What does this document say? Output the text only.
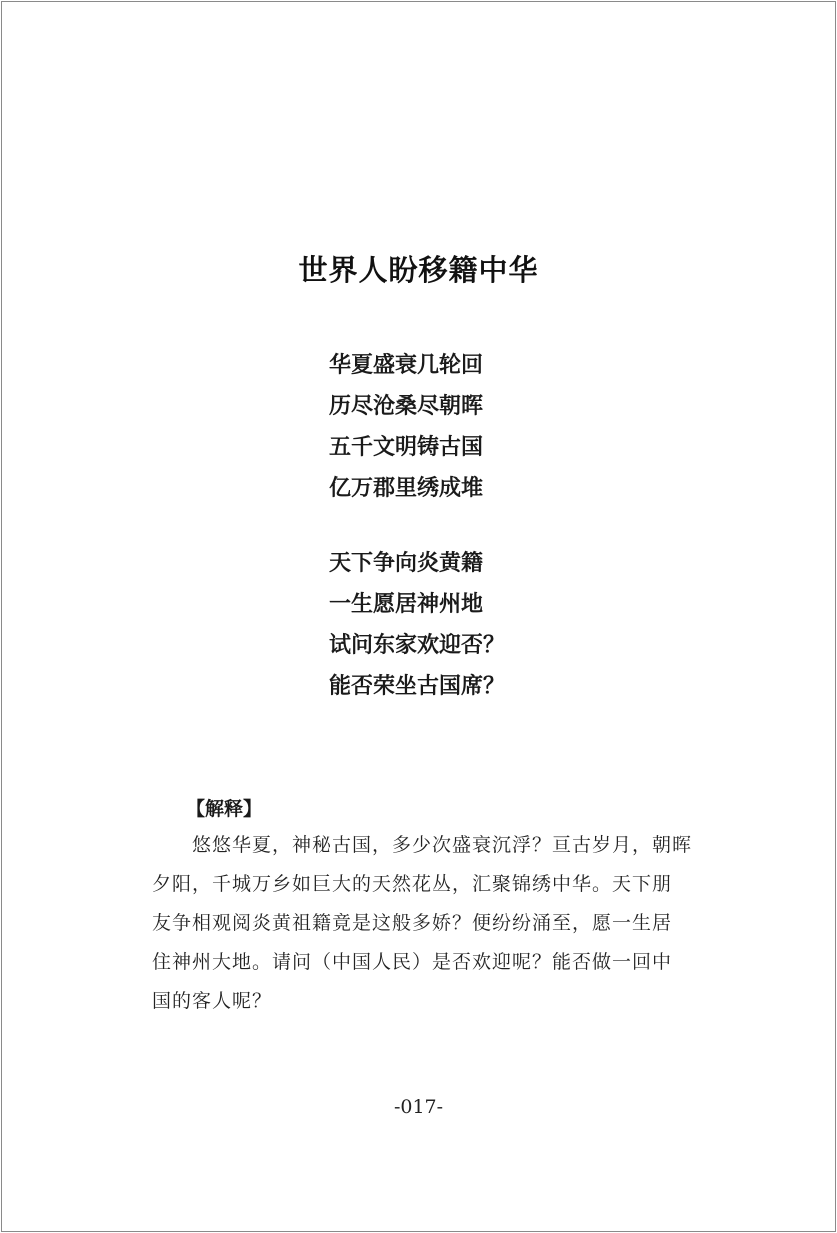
世界人盼移籍中华
华夏盛衰几轮回
历尽沧桑尽朝晖
五千文明铸古国
亿万郡里绣成堆
天下争向炎黄籍
一生愿居神州地
试问东家欢迎否？
能否荣坐古国席？
【解释】
悠悠华夏，神秘古国，多少次盛衰沉浮？亘古岁月，朝晖
夕阳，千城万乡如巨大的天然花丛，汇聚锦绣中华。天下朋
友争相观阅炎黄祖籍竟是这般多娇？便纷纷涌至，愿一生居
住神州大地。请问（中国人民）是否欢迎呢？能否做一回中
国的客人呢？
-017-
